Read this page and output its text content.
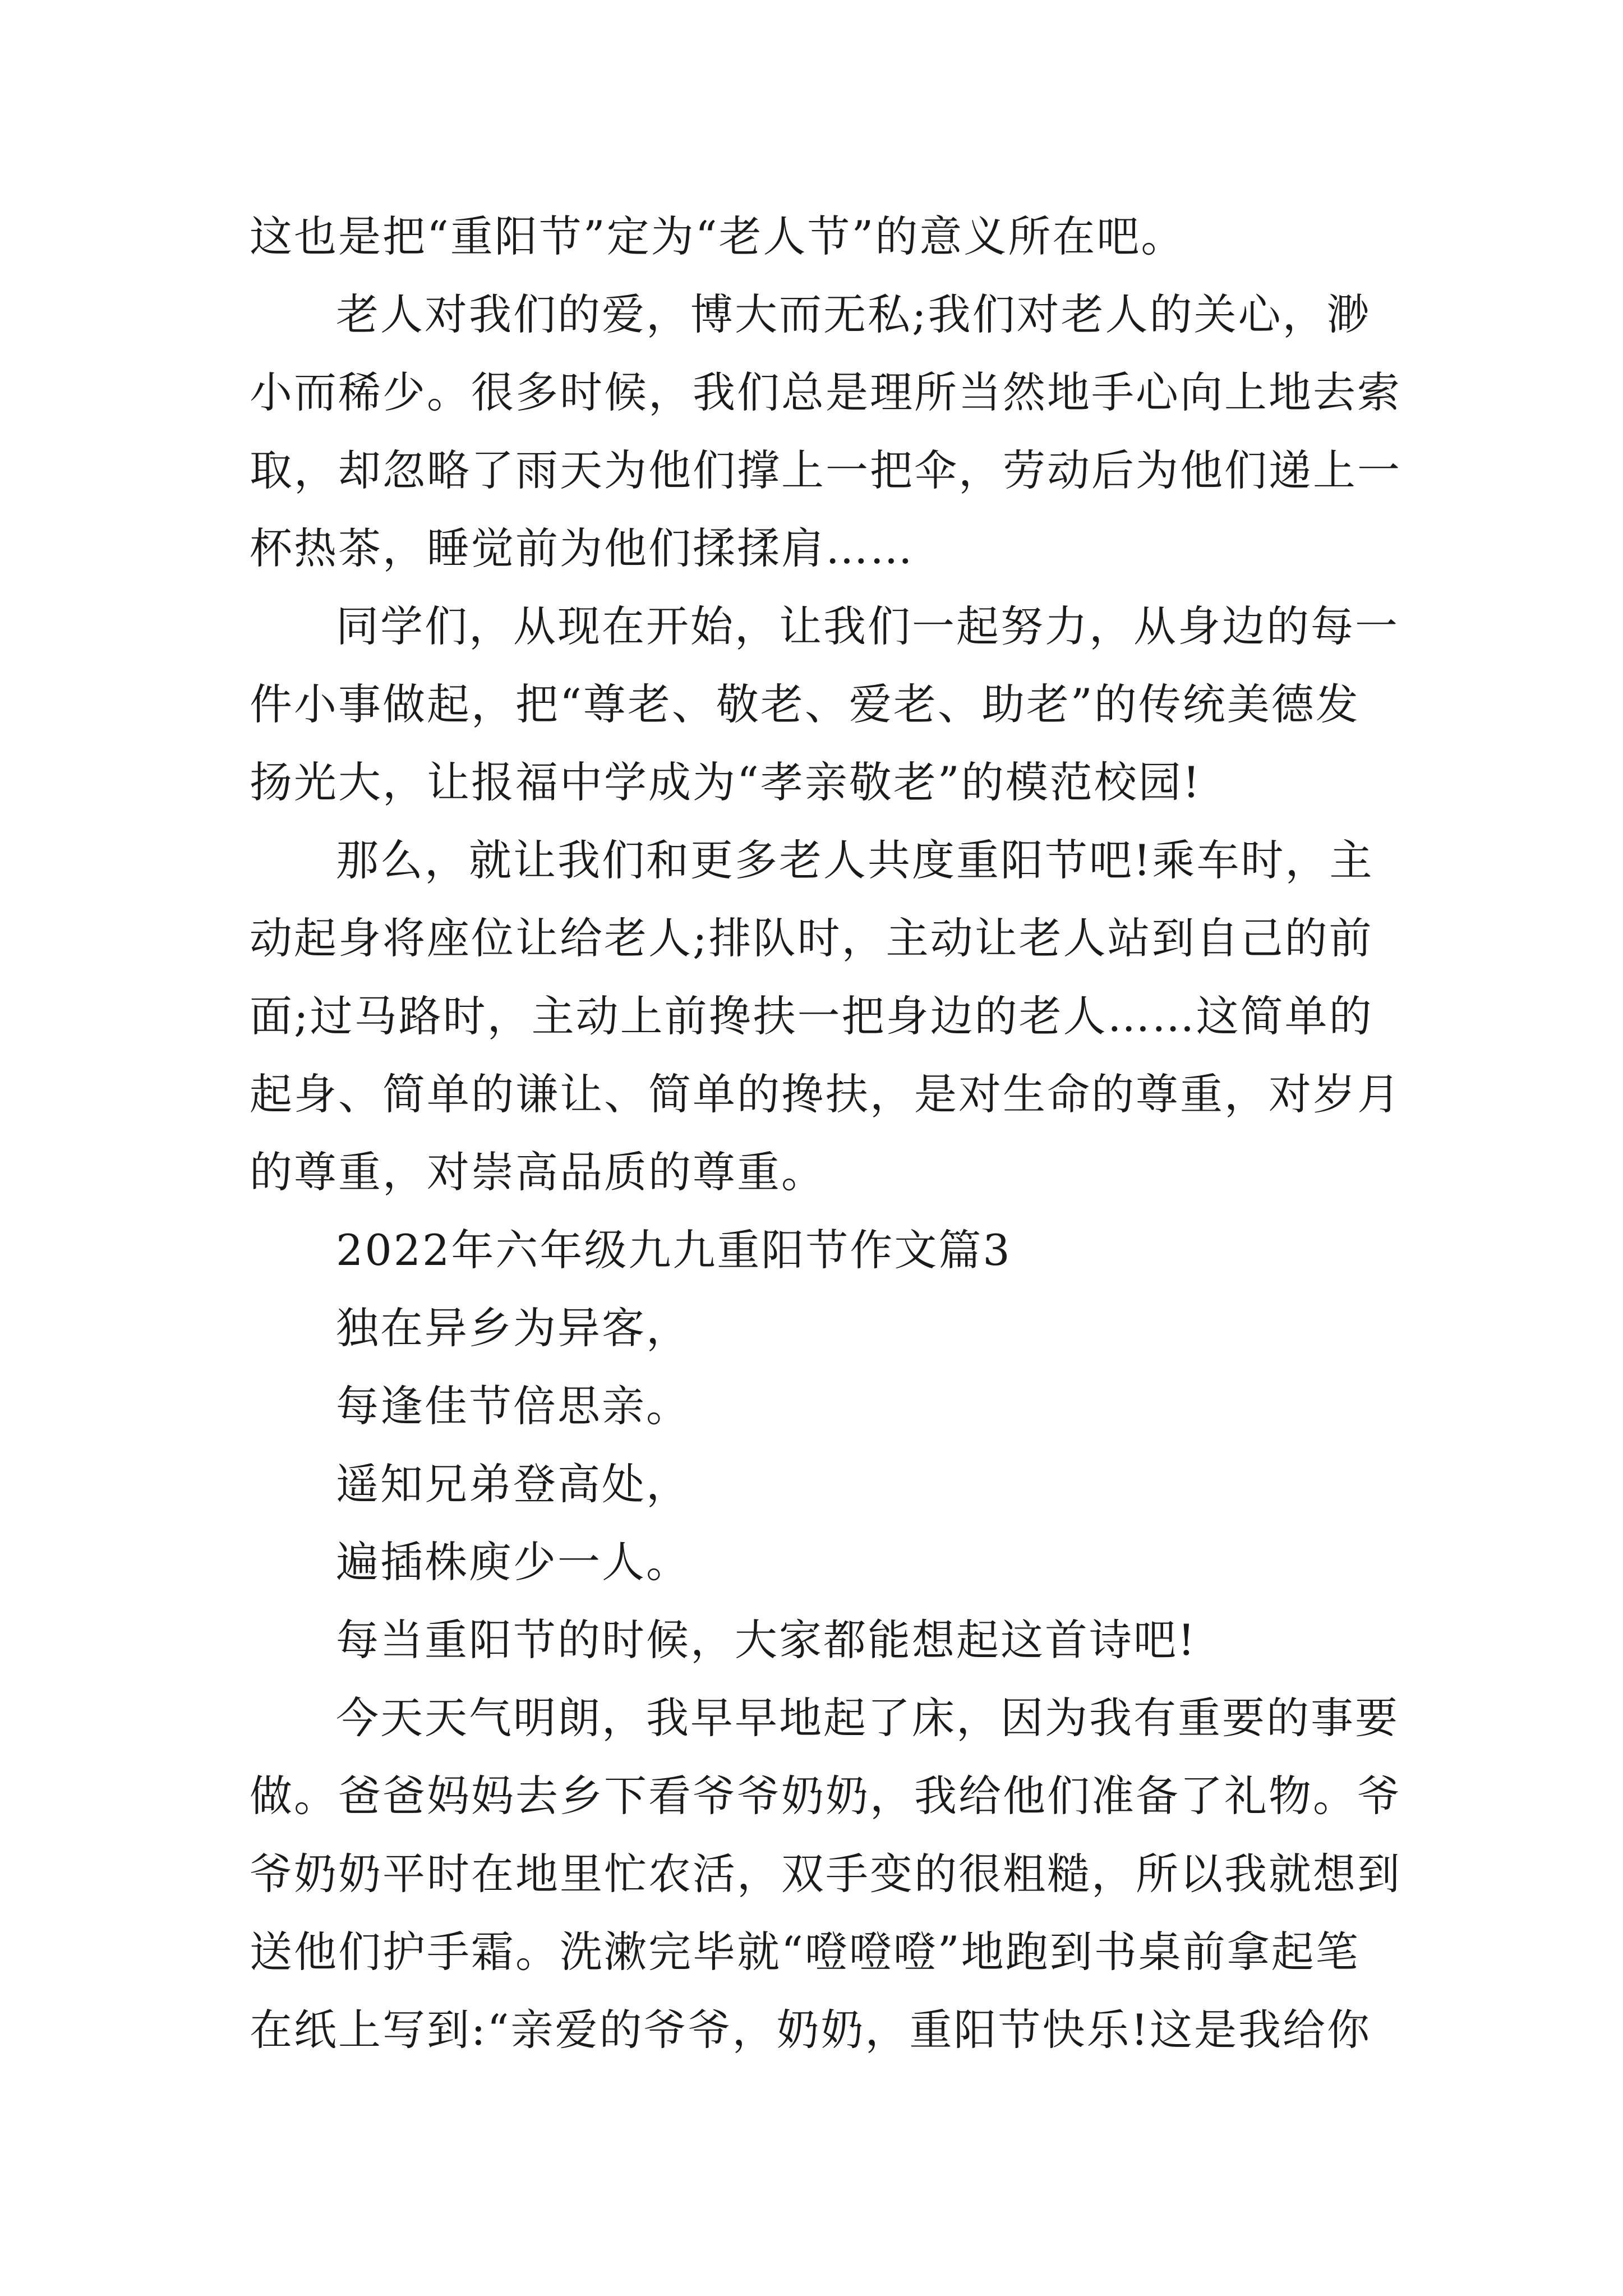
这也是把“重阳节”定为“老人节”的意义所在吧。
老人对我们的爱，博大而无私;我们对老人的关心，渺
小而稀少。很多时候，我们总是理所当然地手心向上地去索
取，却忽略了雨天为他们撑上一把伞，劳动后为他们递上一
杯热茶，睡觉前为他们揉揉肩……
同学们，从现在开始，让我们一起努力，从身边的每一
件小事做起，把“尊老、敬老、爱老、助老”的传统美德发
扬光大，让报福中学成为“孝亲敬老”的模范校园!
那么，就让我们和更多老人共度重阳节吧!乘车时，主
动起身将座位让给老人;排队时，主动让老人站到自己的前
面;过马路时，主动上前搀扶一把身边的老人……这简单的
起身、简单的谦让、简单的搀扶，是对生命的尊重，对岁月
的尊重，对崇高品质的尊重。
2022年六年级九九重阳节作文篇3
独在异乡为异客，
每逢佳节倍思亲。
遥知兄弟登高处，
遍插株庾少一人。
每当重阳节的时候，大家都能想起这首诗吧!
今天天气明朗，我早早地起了床，因为我有重要的事要
做。爸爸妈妈去乡下看爷爷奶奶，我给他们准备了礼物。爷
爷奶奶平时在地里忙农活，双手变的很粗糙，所以我就想到
送他们护手霜。洗漱完毕就“噔噔噔”地跑到书桌前拿起笔
在纸上写到:“亲爱的爷爷，奶奶，重阳节快乐!这是我给你
